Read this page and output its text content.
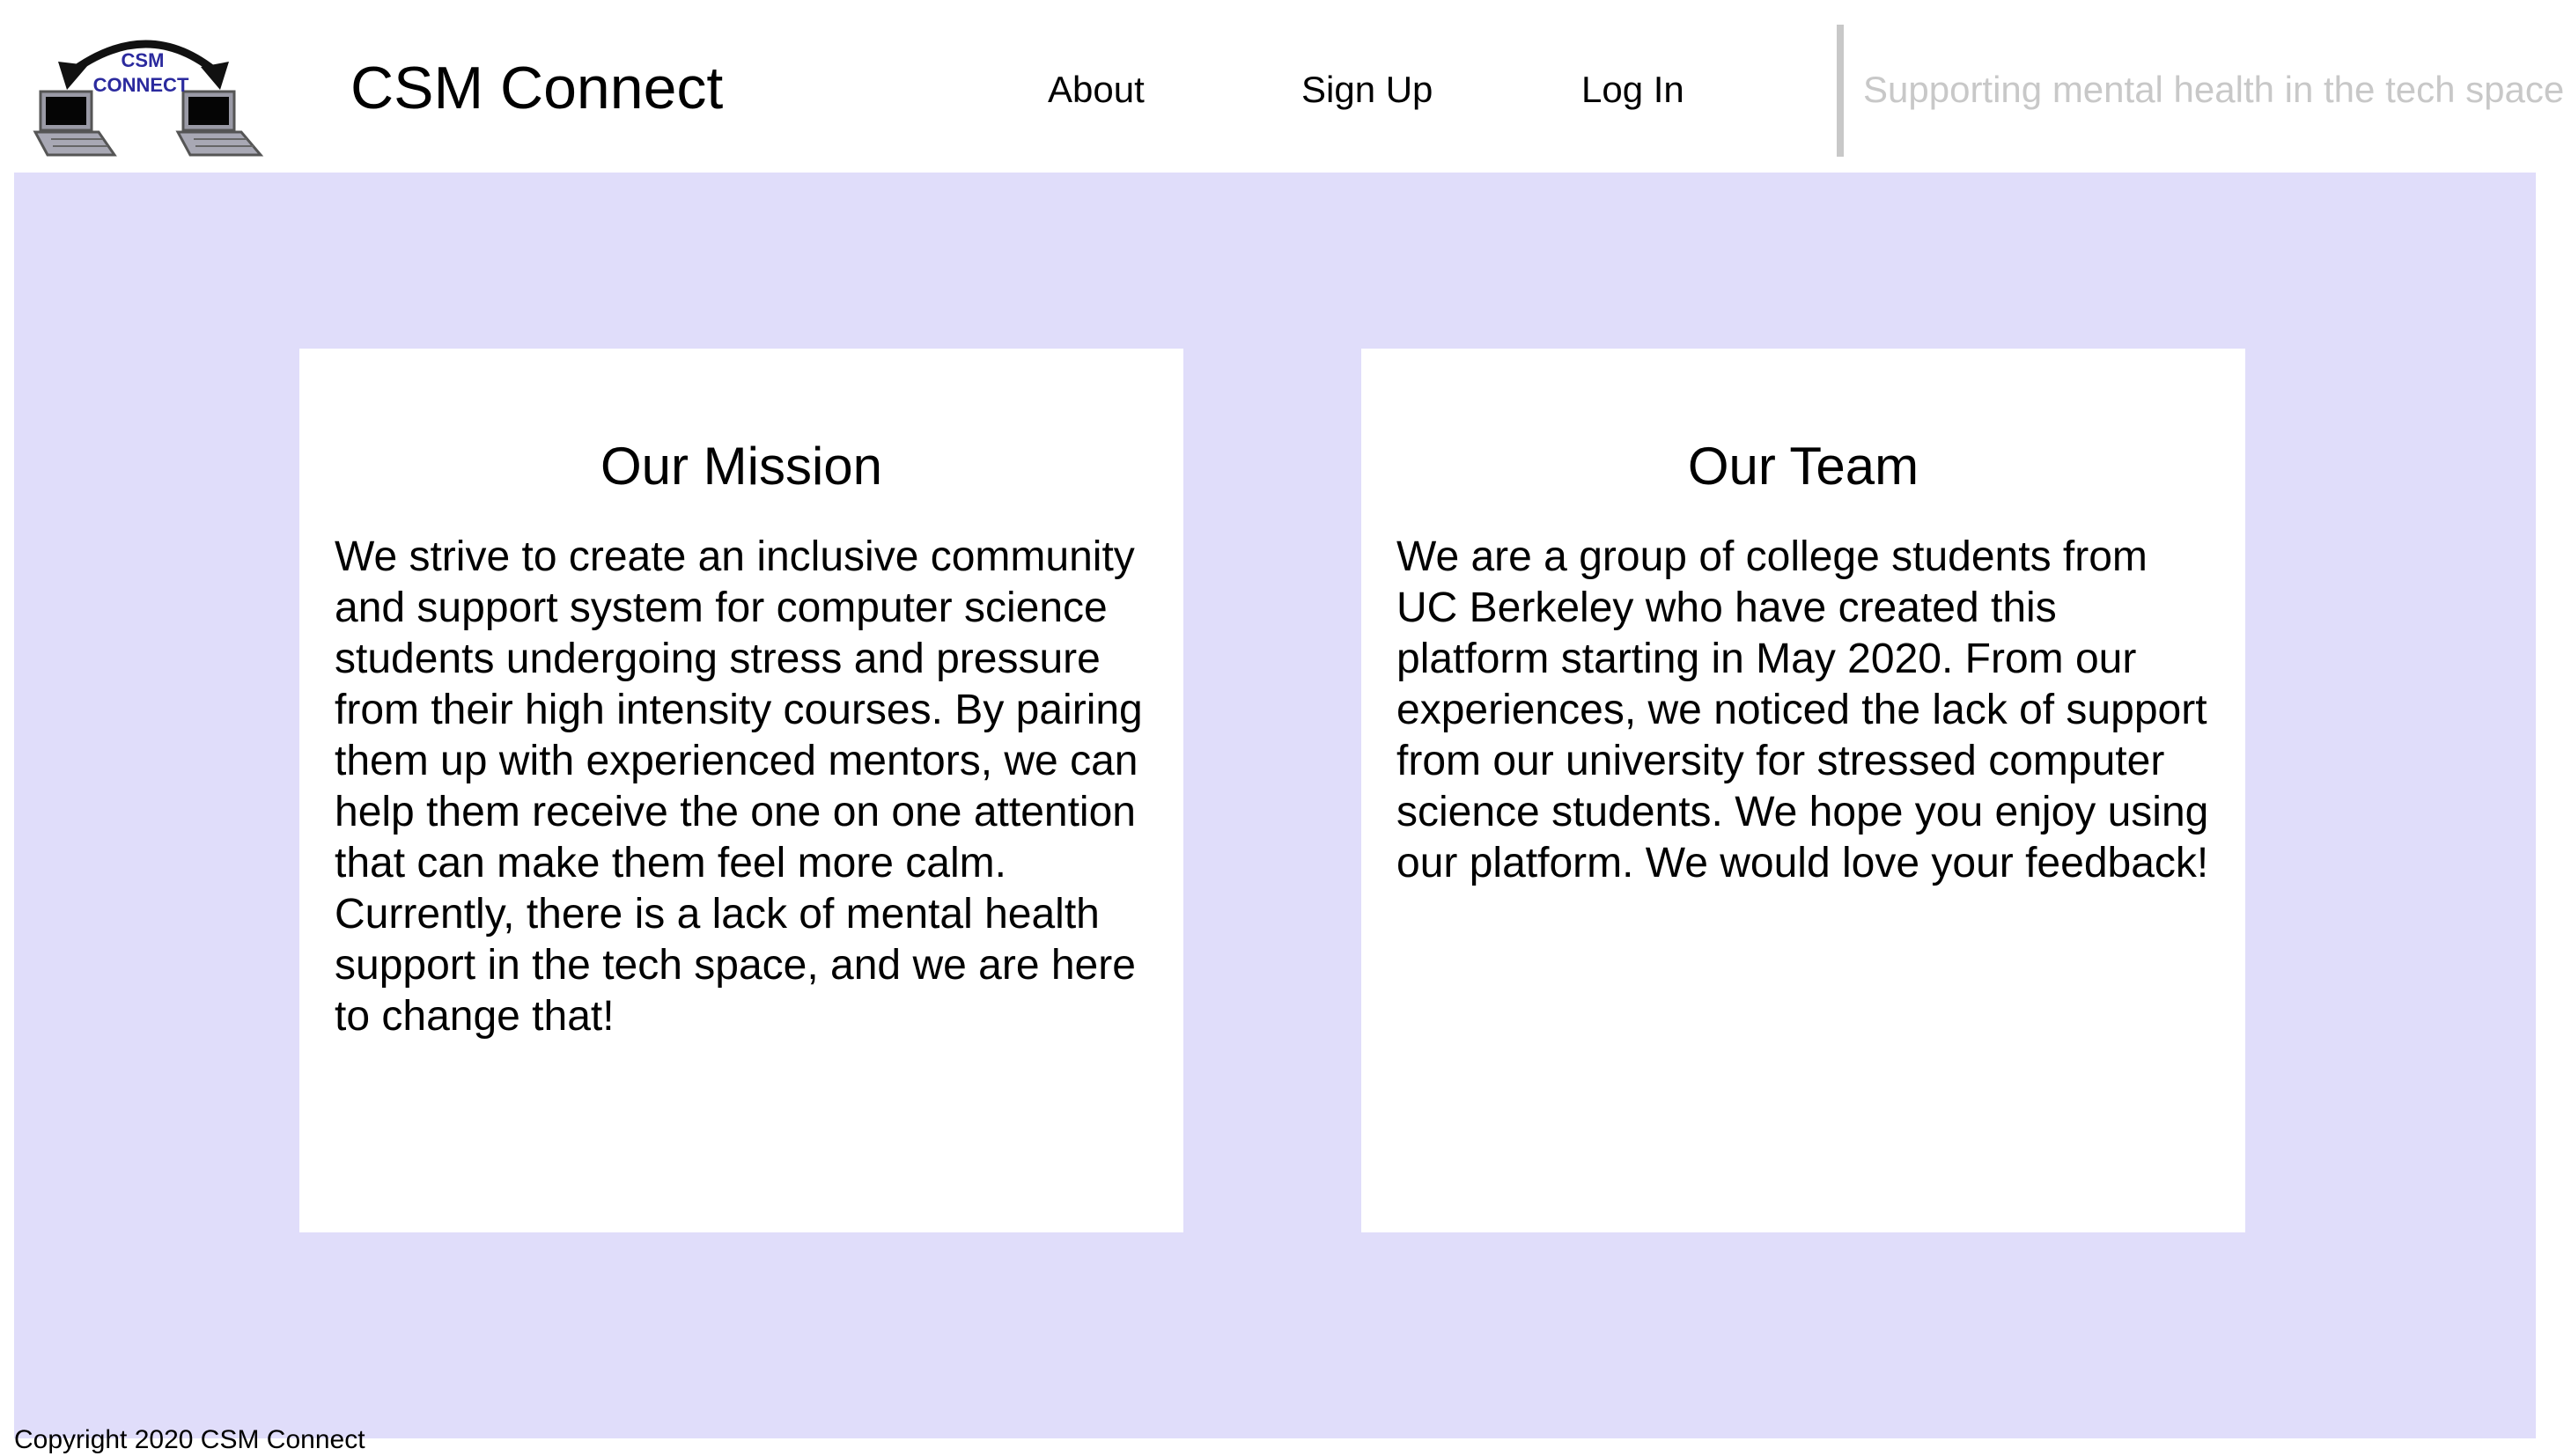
CSM
CONNECT	CSM Connect	About	Sign Up	Log In	Supporting mental health in the tech space
Our Mission

We strive to create an inclusive community and support system for computer science students undergoing stress and pressure from their high intensity courses. By pairing them up with experienced mentors, we can help them receive the one on one attention that can make them feel more calm. Currently, there is a lack of mental health support in the tech space, and we are here to change that!

Our Team

We are a group of college students from UC Berkeley who have created this platform starting in May 2020. From our experiences, we noticed the lack of support from our university for stressed computer science students. We hope you enjoy using our platform. We would love your feedback!

Copyright 2020 CSM Connect
